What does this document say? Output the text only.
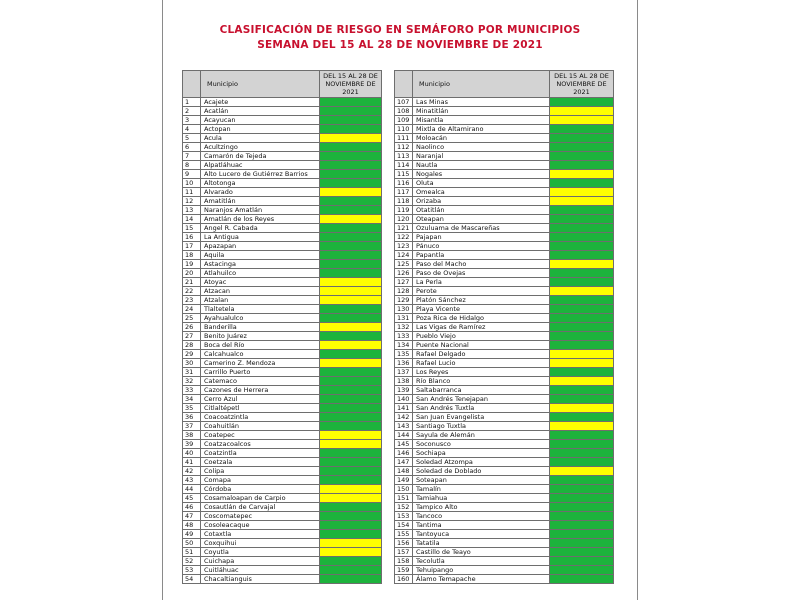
CLASIFICACIÓN DE RIESGO EN SEMÁFORO POR MUNICIPIOS
SEMANA DEL 15 AL 28 DE NOVIEMBRE DE 2021
	Municipio	DEL 15 AL 28 DE NOVIEMBRE DE 2021
1	Acajete	
2	Acatlán	
3	Acayucan	
4	Actopan	
5	Acula	
6	Acultzingo	
7	Camarón de Tejeda	
8	Alpatláhuac	
9	Alto Lucero de Gutiérrez Barrios	
10	Altotonga	
11	Alvarado	
12	Amatitlán	
13	Naranjos Amatlán	
14	Amatlán de los Reyes	
15	Angel R. Cabada	
16	La Antigua	
17	Apazapan	
18	Aquila	
19	Astacinga	
20	Atlahuilco	
21	Atoyac	
22	Atzacan	
23	Atzalan	
24	Tlaltetela	
25	Ayahualulco	
26	Banderilla	
27	Benito Juárez	
28	Boca del Río	
29	Calcahualco	
30	Camerino Z. Mendoza	
31	Carrillo Puerto	
32	Catemaco	
33	Cazones de Herrera	
34	Cerro Azul	
35	Citlaltépetl	
36	Coacoatzintla	
37	Coahuitlán	
38	Coatepec	
39	Coatzacoalcos	
40	Coatzintla	
41	Coetzala	
42	Colipa	
43	Comapa	
44	Córdoba	
45	Cosamaloapan de Carpio	
46	Cosautlán de Carvajal	
47	Coscomatepec	
48	Cosoleacaque	
49	Cotaxtla	
50	Coxquihui	
51	Coyutla	
52	Cuichapa	
53	Cuitláhuac	
54	Chacaltianguis	
	Municipio	DEL 15 AL 28 DE NOVIEMBRE DE 2021
107	Las Minas	
108	Minatitlán	
109	Misantla	
110	Mixtla de Altamirano	
111	Moloacán	
112	Naolinco	
113	Naranjal	
114	Nautla	
115	Nogales	
116	Oluta	
117	Omealca	
118	Orizaba	
119	Otatitlán	
120	Oteapan	
121	Ozuluama de Mascareñas	
122	Pajapan	
123	Pánuco	
124	Papantla	
125	Paso del Macho	
126	Paso de Ovejas	
127	La Perla	
128	Perote	
129	Platón Sánchez	
130	Playa Vicente	
131	Poza Rica de Hidalgo	
132	Las Vigas de Ramírez	
133	Pueblo Viejo	
134	Puente Nacional	
135	Rafael Delgado	
136	Rafael Lucio	
137	Los Reyes	
138	Río Blanco	
139	Saltabarranca	
140	San Andrés Tenejapan	
141	San Andrés Tuxtla	
142	San Juan Evangelista	
143	Santiago Tuxtla	
144	Sayula de Alemán	
145	Soconusco	
146	Sochiapa	
147	Soledad Atzompa	
148	Soledad de Doblado	
149	Soteapan	
150	Tamalín	
151	Tamiahua	
152	Tampico Alto	
153	Tancoco	
154	Tantima	
155	Tantoyuca	
156	Tatatila	
157	Castillo de Teayo	
158	Tecolutla	
159	Tehuipango	
160	Álamo Temapache	
